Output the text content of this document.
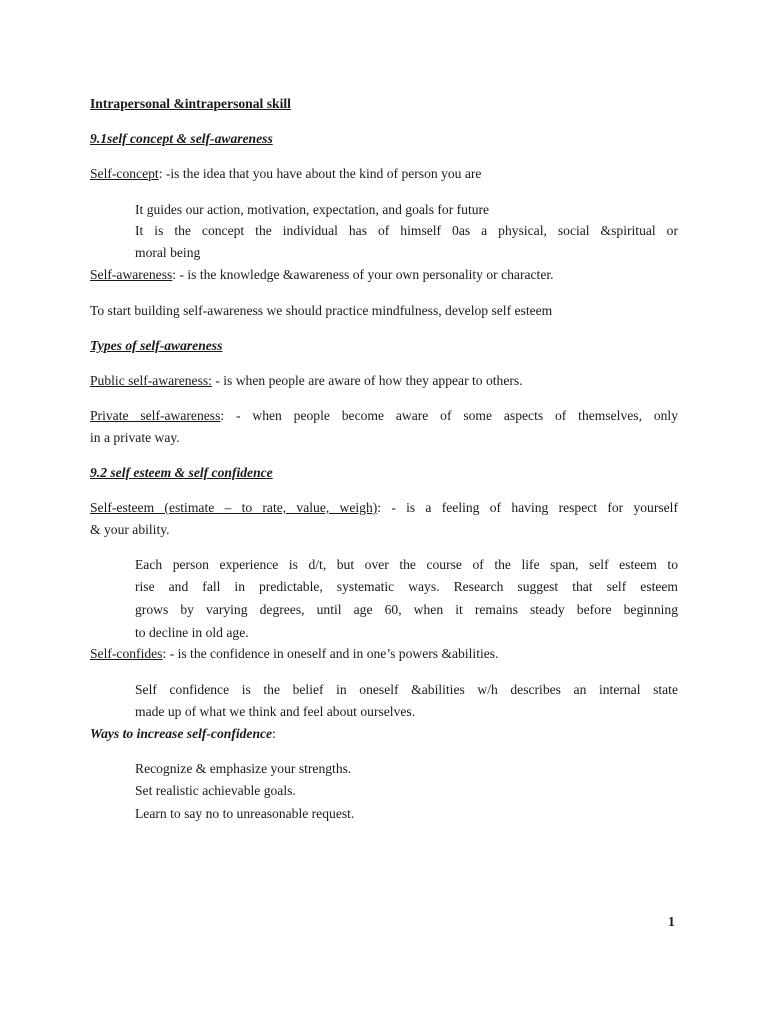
Intrapersonal &intrapersonal skill
9.1self concept & self-awareness
Self-concept: -is the idea that you have about the kind of person you are
It guides our action, motivation, expectation, and goals for future
It is the concept the individual has of himself 0as a physical, social &spiritual or
moral being
Self-awareness: - is the knowledge &awareness of your own personality or character.
To start building self-awareness we should practice mindfulness, develop self esteem
Types of self-awareness
Public self-awareness: - is when people are aware of how they appear to others.
Private self-awareness: - when people become aware of some aspects of themselves, only
in a private way.
9.2 self esteem & self confidence
Self-esteem (estimate – to rate, value, weigh): - is a feeling of having respect for yourself
& your ability.
Each person experience is d/t, but over the course of the life span, self esteem to
rise and fall in predictable, systematic ways. Research suggest that self esteem
grows by varying degrees, until age 60, when it remains steady before beginning
to decline in old age.
Self-confides: - is the confidence in oneself and in one’s powers &abilities.
Self confidence is the belief in oneself &abilities w/h describes an internal state
made up of what we think and feel about ourselves.
Ways to increase self-confidence:
Recognize & emphasize your strengths.
Set realistic achievable goals.
Learn to say no to unreasonable request.
1
